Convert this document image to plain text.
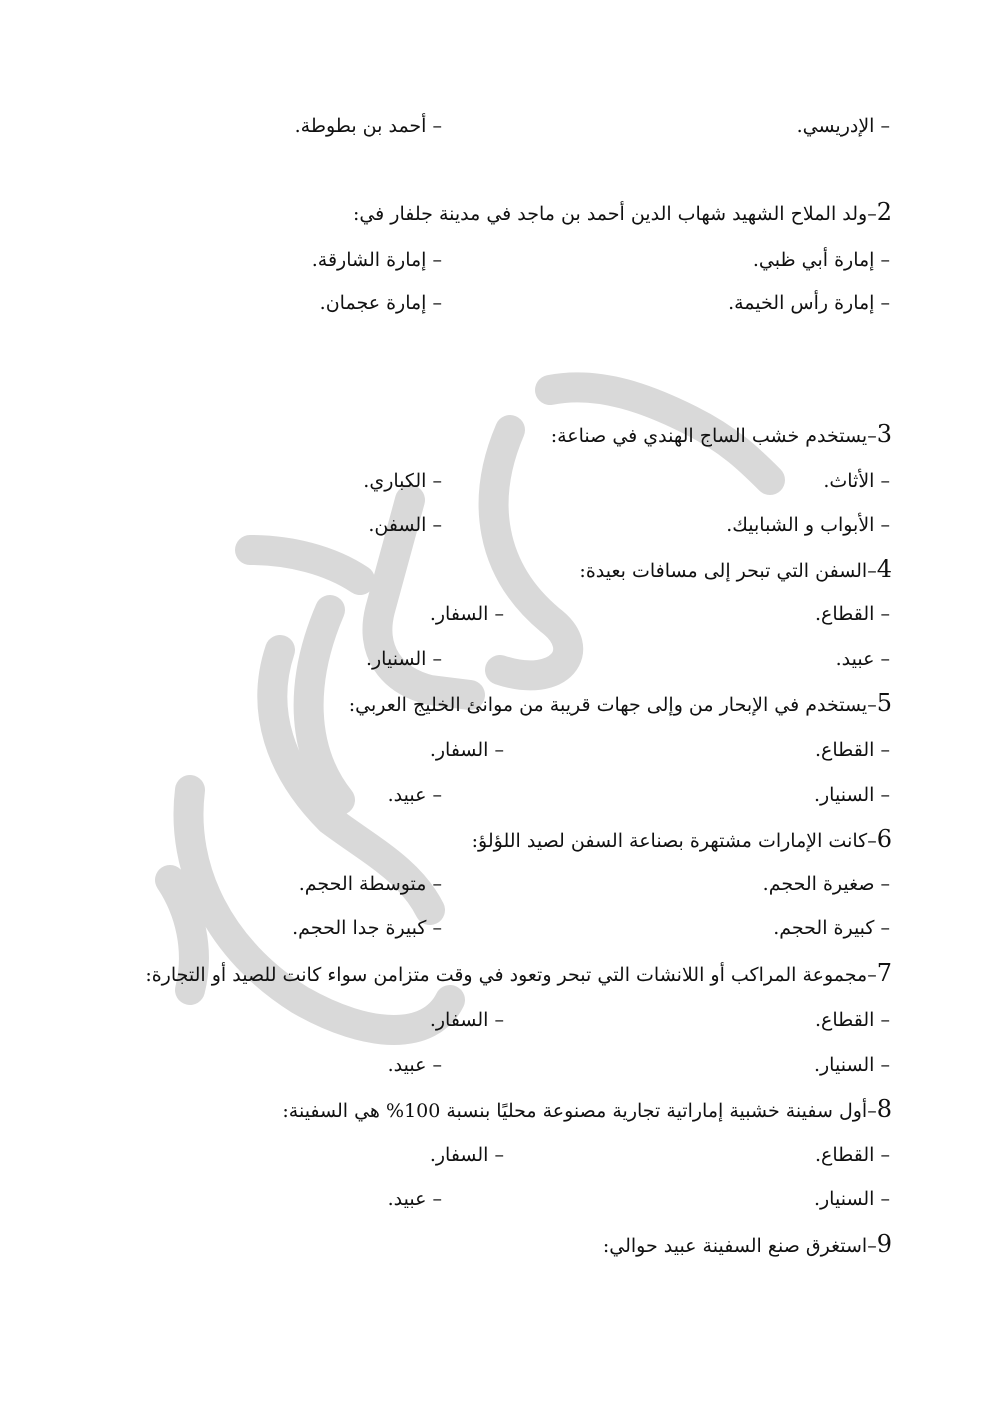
– الإدريسي.
– أحمد بن بطوطة.
2–ولد الملاح الشهيد شهاب الدين أحمد بن ماجد في مدينة جلفار في:
– إمارة أبي ظبي.
– إمارة الشارقة.
– إمارة رأس الخيمة.
– إمارة عجمان.
3–يستخدم خشب الساج الهندي في صناعة:
– الأثاث.
– الكباري.
– الأبواب و الشبابيك.
– السفن.
4–السفن التي تبحر إلى مسافات بعيدة:
– القطاع.
– السفار.
– عبيد.
– السنيار.
5–يستخدم في الإبحار من وإلى جهات قريبة من موانئ الخليج العربي:
– القطاع.
– السفار.
– السنيار.
– عبيد.
6–كانت الإمارات مشتهرة بصناعة السفن لصيد اللؤلؤ:
– صغيرة الحجم.
– متوسطة الحجم.
– كبيرة الحجم.
– كبيرة جدا الحجم.
7–مجموعة المراكب أو اللانشات التي تبحر وتعود في وقت متزامن سواء كانت للصيد أو التجارة:
– القطاع.
– السفار.
– السنيار.
– عبيد.
8–أول سفينة خشبية إماراتية تجارية مصنوعة محليًا بنسبة 100% هي السفينة:
– القطاع.
– السفار.
– السنيار.
– عبيد.
9–استغرق صنع السفينة عبيد حوالي:
